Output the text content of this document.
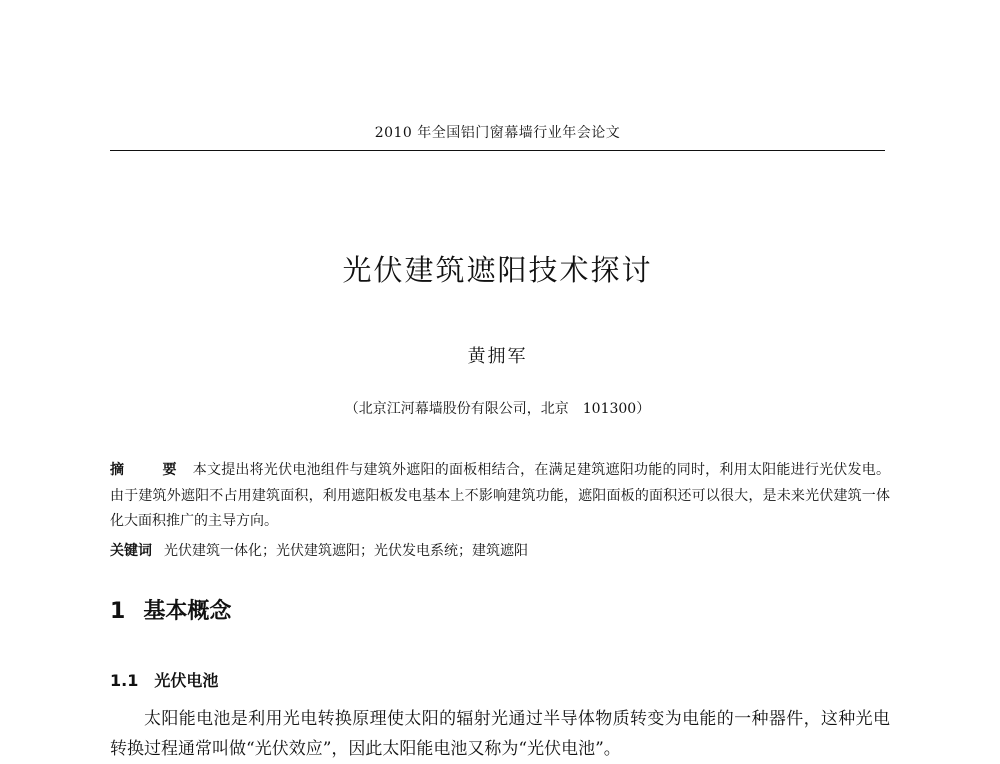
2010 年全国铝门窗幕墙行业年会论文
光伏建筑遮阳技术探讨
黄拥军
（北京江河幕墙股份有限公司，北京　101300）
摘　要 本文提出将光伏电池组件与建筑外遮阳的面板相结合，在满足建筑遮阳功能的同时，利用太阳能进行光伏发电。由于建筑外遮阳不占用建筑面积，利用遮阳板发电基本上不影响建筑功能，遮阳面板的面积还可以很大，是未来光伏建筑一体化大面积推广的主导方向。
关键词 光伏建筑一体化；光伏建筑遮阳；光伏发电系统；建筑遮阳
1 基本概念
1.1 光伏电池

太阳能电池是利用光电转换原理使太阳的辐射光通过半导体物质转变为电能的一种器件，这种光电转换过程通常叫做“光伏效应”，因此太阳能电池又称为“光伏电池”。
